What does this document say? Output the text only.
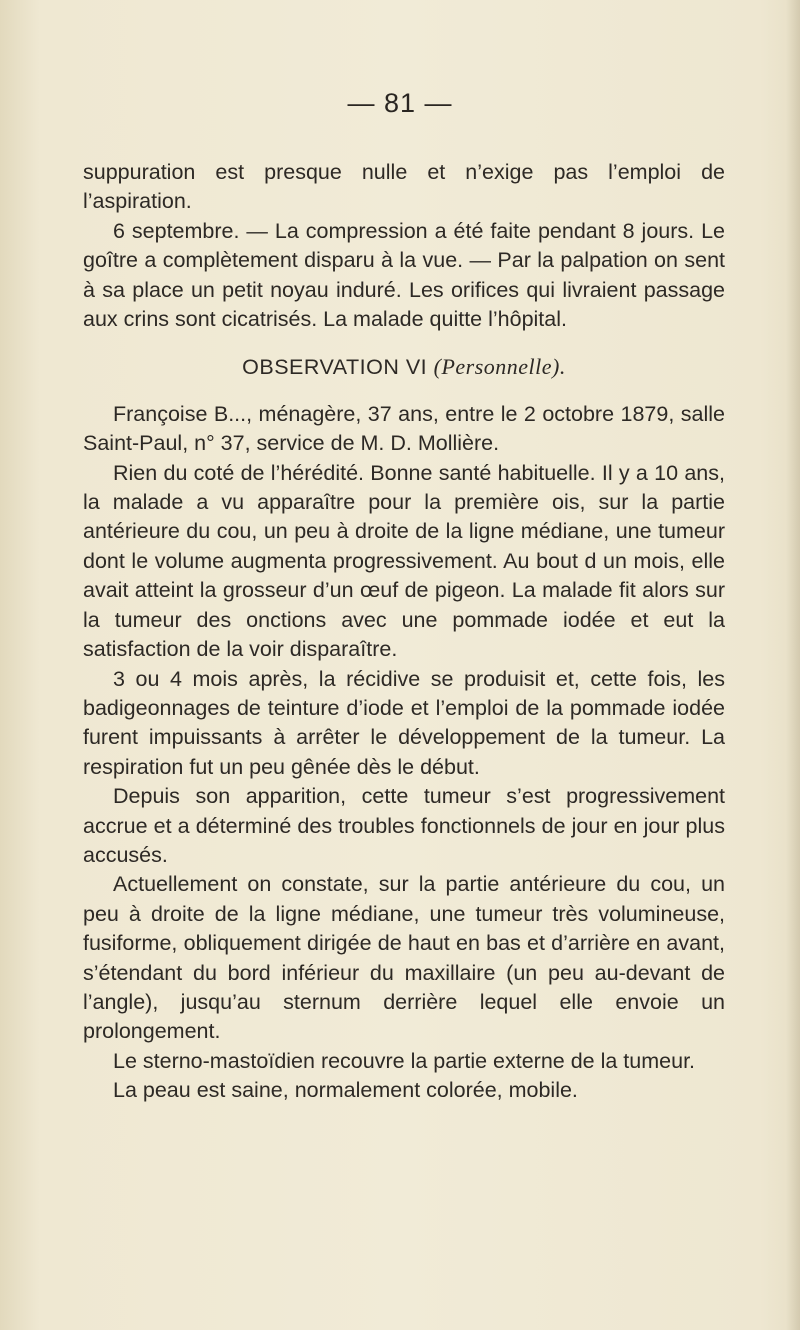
— 81 —

suppuration est presque nulle et n’exige pas l’emploi de l’aspiration.

6 septembre. — La compression a été faite pendant 8 jours. Le goître a complètement disparu à la vue. — Par la palpation on sent à sa place un petit noyau induré. Les orifices qui livraient passage aux crins sont cicatrisés. La malade quitte l’hôpital.

OBSERVATION VI (Personnelle).

Françoise B..., ménagère, 37 ans, entre le 2 octobre 1879, salle Saint-Paul, n° 37, service de M. D. Mollière.

Rien du coté de l’hérédité. Bonne santé habituelle. Il y a 10 ans, la malade a vu apparaître pour la première ois, sur la partie antérieure du cou, un peu à droite de la ligne médiane, une tumeur dont le volume augmenta progressivement. Au bout d un mois, elle avait atteint la grosseur d’un œuf de pigeon. La malade fit alors sur la tumeur des onctions avec une pommade iodée et eut la satisfaction de la voir disparaître.

3 ou 4 mois après, la récidive se produisit et, cette fois, les badigeonnages de teinture d’iode et l’emploi de la pommade iodée furent impuissants à arrêter le développement de la tumeur. La respiration fut un peu gênée dès le début.

Depuis son apparition, cette tumeur s’est progressivement accrue et a déterminé des troubles fonctionnels de jour en jour plus accusés.

Actuellement on constate, sur la partie antérieure du cou, un peu à droite de la ligne médiane, une tumeur très volumineuse, fusiforme, obliquement dirigée de haut en bas et d’arrière en avant, s’étendant du bord inférieur du maxillaire (un peu au-devant de l’angle), jusqu’au sternum derrière lequel elle envoie un prolongement.

Le sterno-mastoïdien recouvre la partie externe de la tumeur.

La peau est saine, normalement colorée, mobile.
